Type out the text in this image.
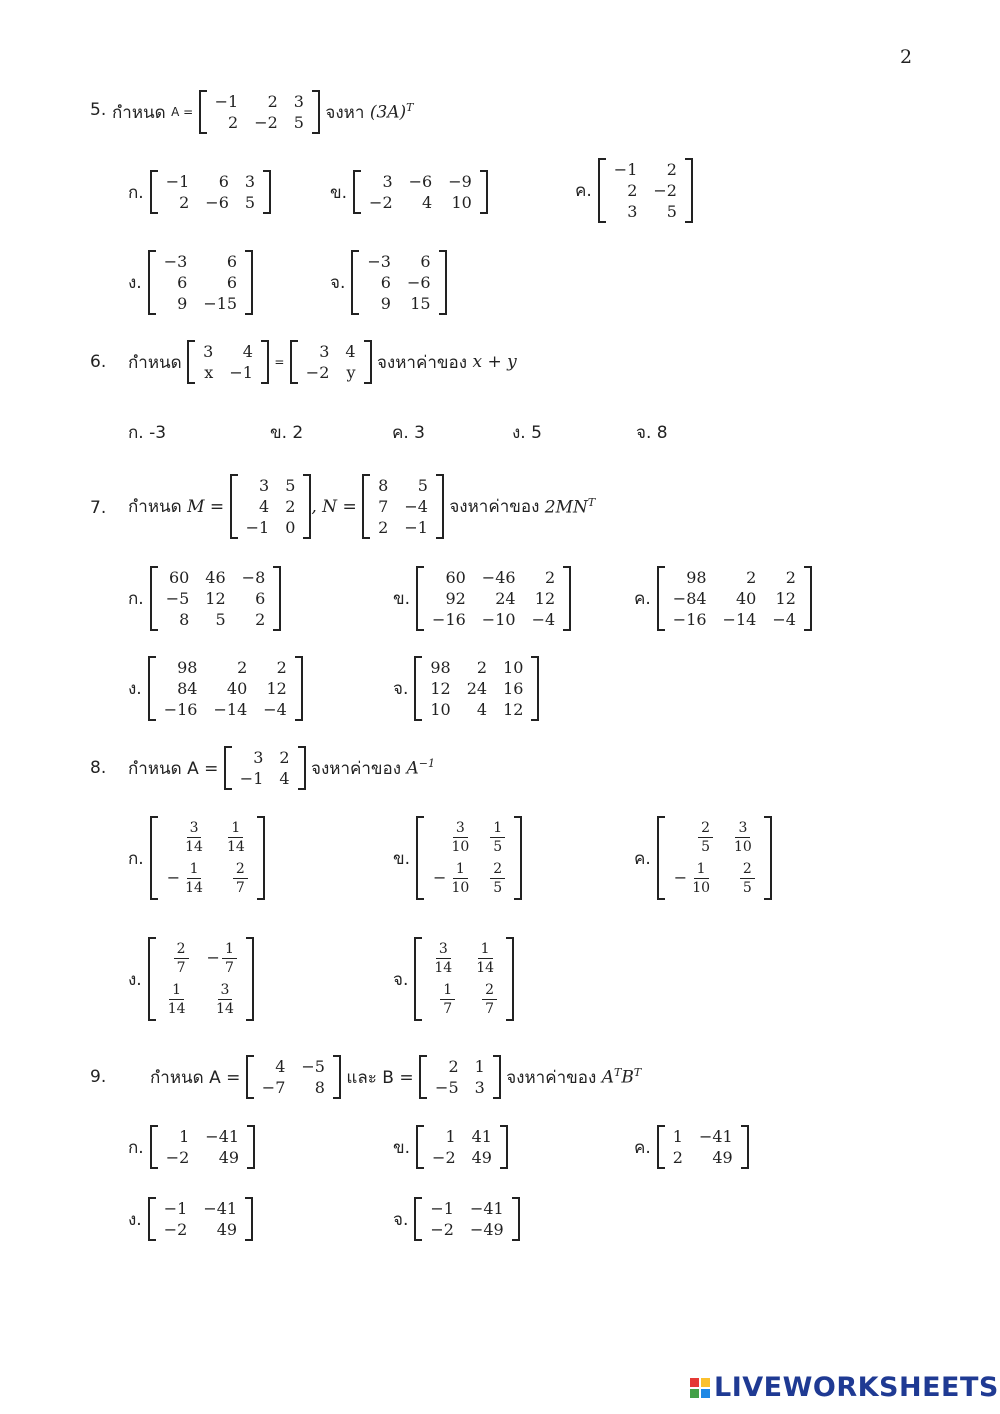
2
5. กำหนด
A =

−1	2	3
2	−2	5
จงหา
$(3A)^T$
ก.
−1	6	3
2	−6	5	ข.
3	−6	−9
−2	4	10
ค.
−1	2
2	−2
3	5
ง.
−3	6
6	6
9	−15
จ.
−3	6
6	−6
9	15
6. กำหนด

3	4
x	−1

=

3	4
−2	y
จงหาค่าของ
x + y
ก. -3	ข. 2	ค. 3	ง. 5	จ. 8
7. กำหนด
M =

3	5
4	2
−1	0
, N =

8	5
7	−4
2	−1

จงหาค่าของ
$2MN^T$
ก.
60	46	−8
−5	12	6
8	5	2
ข.
60	−46	2
92	24	12
−16	−10	−4
ค.
98	2	2
−84	40	12
−16	−14	−4
ง.
98	2	2
84	40	12
−16	−14	−4
จ.
98	2	10
12	24	16
10	4	12
8. กำหนด A =

3	2
−1	4
จงหาค่าของ
$A^{-1}$
ก.
$\frac{3}{14}$	$\frac{1}{14}$

− $\frac{1}{14}$	$\frac{2}{7}$
ข.
$\frac{3}{10}$	$\frac{1}{5}$

− $\frac{1}{10}$	$\frac{2}{5}$
ค.
$\frac{2}{5}$	$\frac{3}{10}$

− $\frac{1}{10}$	$\frac{2}{5}$
ง.
$\frac{2}{7}$	− $\frac{1}{7}$

$\frac{1}{14}$	$\frac{3}{14}$
จ.
$\frac{3}{14}$	$\frac{1}{14}$

$\frac{1}{7}$	$\frac{2}{7}$
9.	กำหนด A =

4	−5
−7	8
และ B =

2	1
−5	3
จงหาค่าของ
$A^TB^T$
ก.
1	−41
−2	49	ข.
1	41
−2	49	ค.
1	−41
2	49
ง.
−1	−41
−2	49	จ.
−1	−41
−2	−49
LIVEWORKSHEETS
